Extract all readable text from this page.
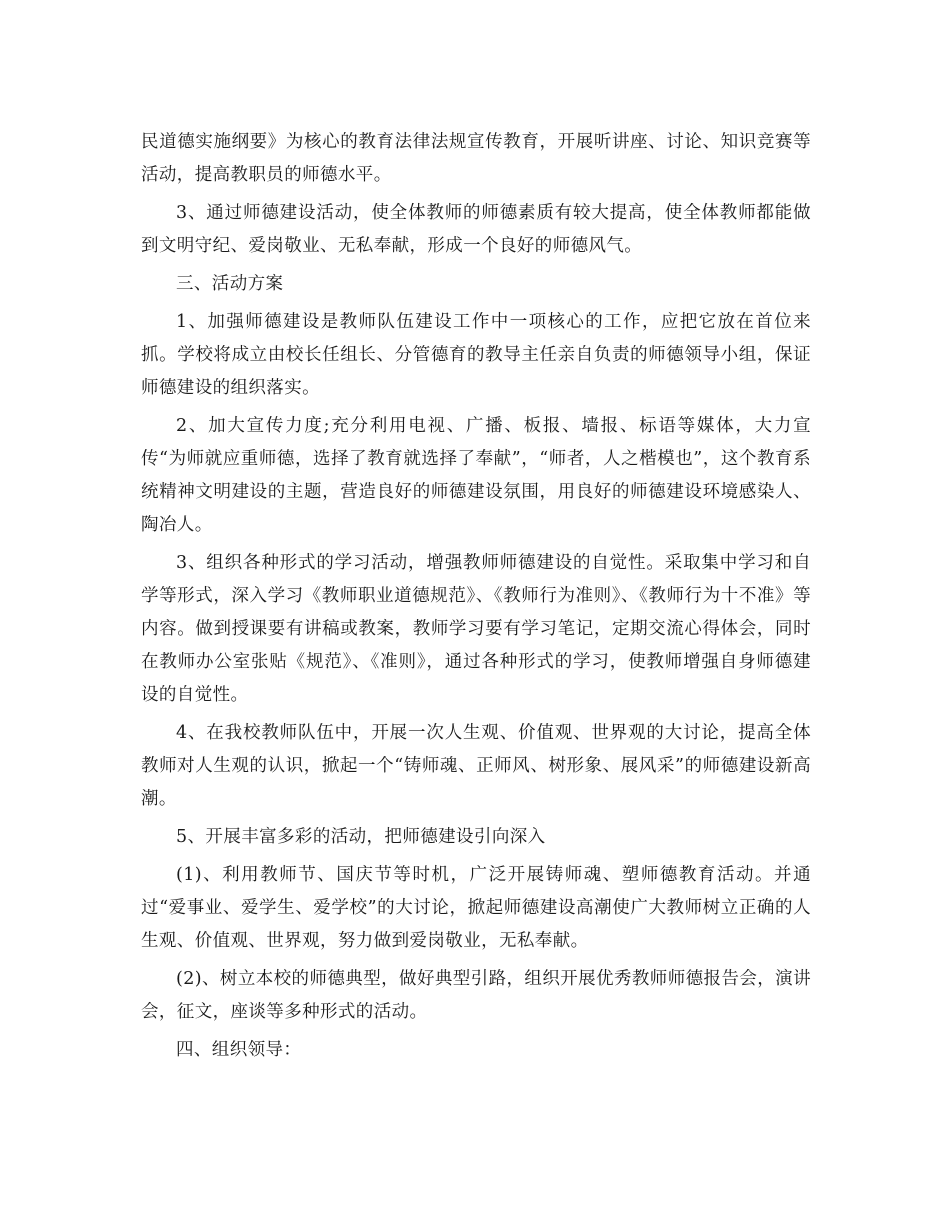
民道德实施纲要》为核心的教育法律法规宣传教育，开展听讲座、讨论、知识竞赛等活动，提高教职员的师德水平。

3、通过师德建设活动，使全体教师的师德素质有较大提高，使全体教师都能做到文明守纪、爱岗敬业、无私奉献，形成一个良好的师德风气。

三、活动方案

1、加强师德建设是教师队伍建设工作中一项核心的工作，应把它放在首位来抓。学校将成立由校长任组长、分管德育的教导主任亲自负责的师德领导小组，保证师德建设的组织落实。

2、加大宣传力度;充分利用电视、广播、板报、墙报、标语等媒体，大力宣传“为师就应重师德，选择了教育就选择了奉献”，“师者，人之楷模也”，这个教育系统精神文明建设的主题，营造良好的师德建设氛围，用良好的师德建设环境感染人、陶冶人。

3、组织各种形式的学习活动，增强教师师德建设的自觉性。采取集中学习和自学等形式，深入学习《教师职业道德规范》、《教师行为准则》、《教师行为十不准》等内容。做到授课要有讲稿或教案，教师学习要有学习笔记，定期交流心得体会，同时在教师办公室张贴《规范》、《准则》，通过各种形式的学习，使教师增强自身师德建设的自觉性。

4、在我校教师队伍中，开展一次人生观、价值观、世界观的大讨论，提高全体教师对人生观的认识，掀起一个“铸师魂、正师风、树形象、展风采”的师德建设新高潮。

5、开展丰富多彩的活动，把师德建设引向深入

(1)、利用教师节、国庆节等时机，广泛开展铸师魂、塑师德教育活动。并通过“爱事业、爱学生、爱学校”的大讨论，掀起师德建设高潮使广大教师树立正确的人生观、价值观、世界观，努力做到爱岗敬业，无私奉献。

(2)、树立本校的师德典型，做好典型引路，组织开展优秀教师师德报告会，演讲会，征文，座谈等多种形式的活动。

四、组织领导：
